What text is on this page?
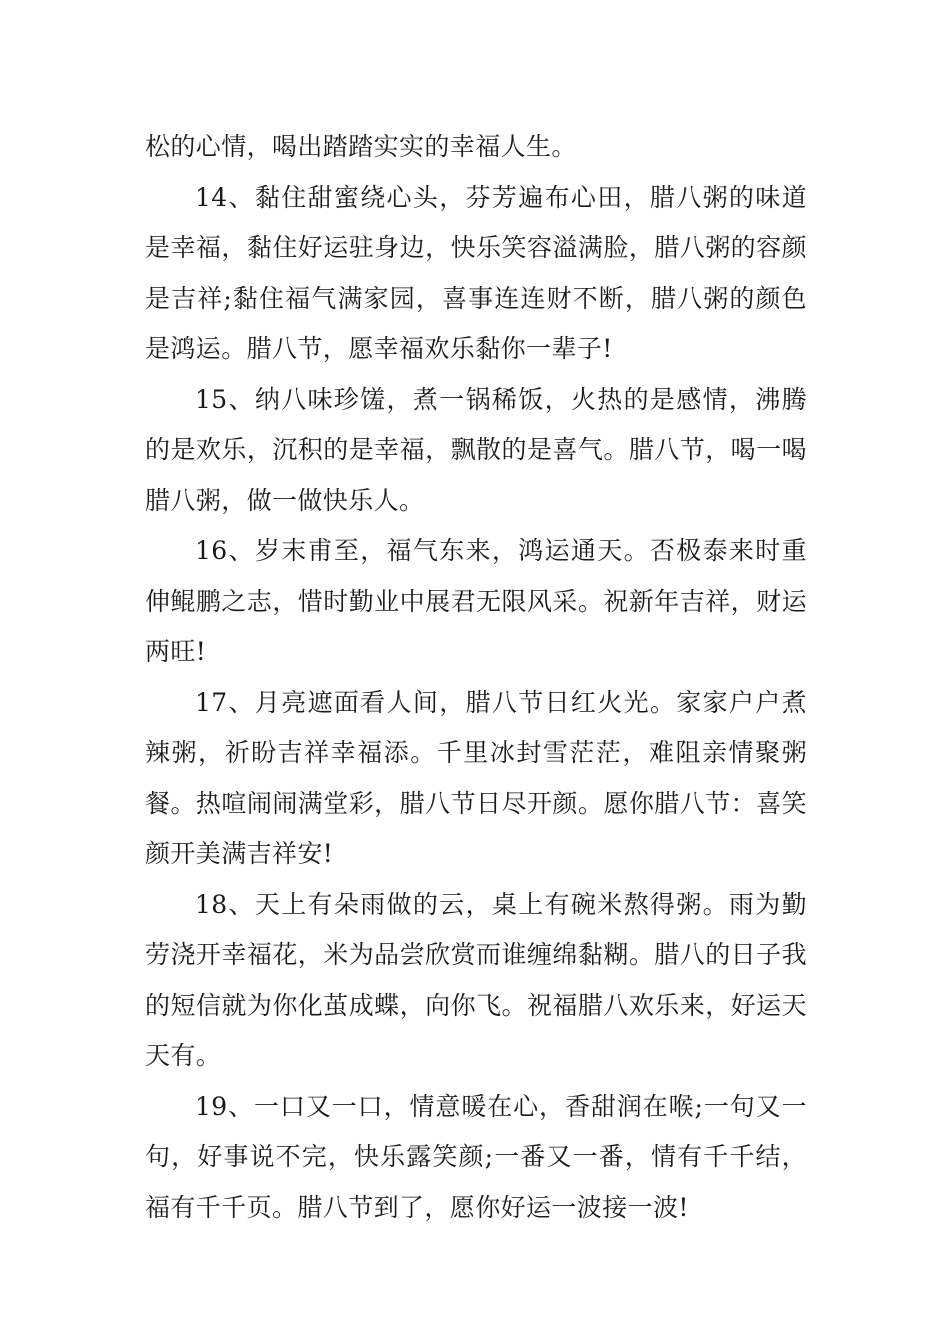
松的心情，喝出踏踏实实的幸福人生。

14、黏住甜蜜绕心头，芬芳遍布心田，腊八粥的味道是幸福，黏住好运驻身边，快乐笑容溢满脸，腊八粥的容颜是吉祥;黏住福气满家园，喜事连连财不断，腊八粥的颜色是鸿运。腊八节，愿幸福欢乐黏你一辈子!

15、纳八味珍馐，煮一锅稀饭，火热的是感情，沸腾的是欢乐，沉积的是幸福，飘散的是喜气。腊八节，喝一喝腊八粥，做一做快乐人。

16、岁末甫至，福气东来，鸿运通天。否极泰来时重伸鲲鹏之志，惜时勤业中展君无限风采。祝新年吉祥，财运两旺!

17、月亮遮面看人间，腊八节日红火光。家家户户煮辣粥，祈盼吉祥幸福添。千里冰封雪茫茫，难阻亲情聚粥餐。热喧闹闹满堂彩，腊八节日尽开颜。愿你腊八节：喜笑颜开美满吉祥安!

18、天上有朵雨做的云，桌上有碗米熬得粥。雨为勤劳浇开幸福花，米为品尝欣赏而谁缠绵黏糊。腊八的日子我的短信就为你化茧成蝶，向你飞。祝福腊八欢乐来，好运天天有。

19、一口又一口，情意暖在心，香甜润在喉;一句又一句，好事说不完，快乐露笑颜;一番又一番，情有千千结，福有千千页。腊八节到了，愿你好运一波接一波!
